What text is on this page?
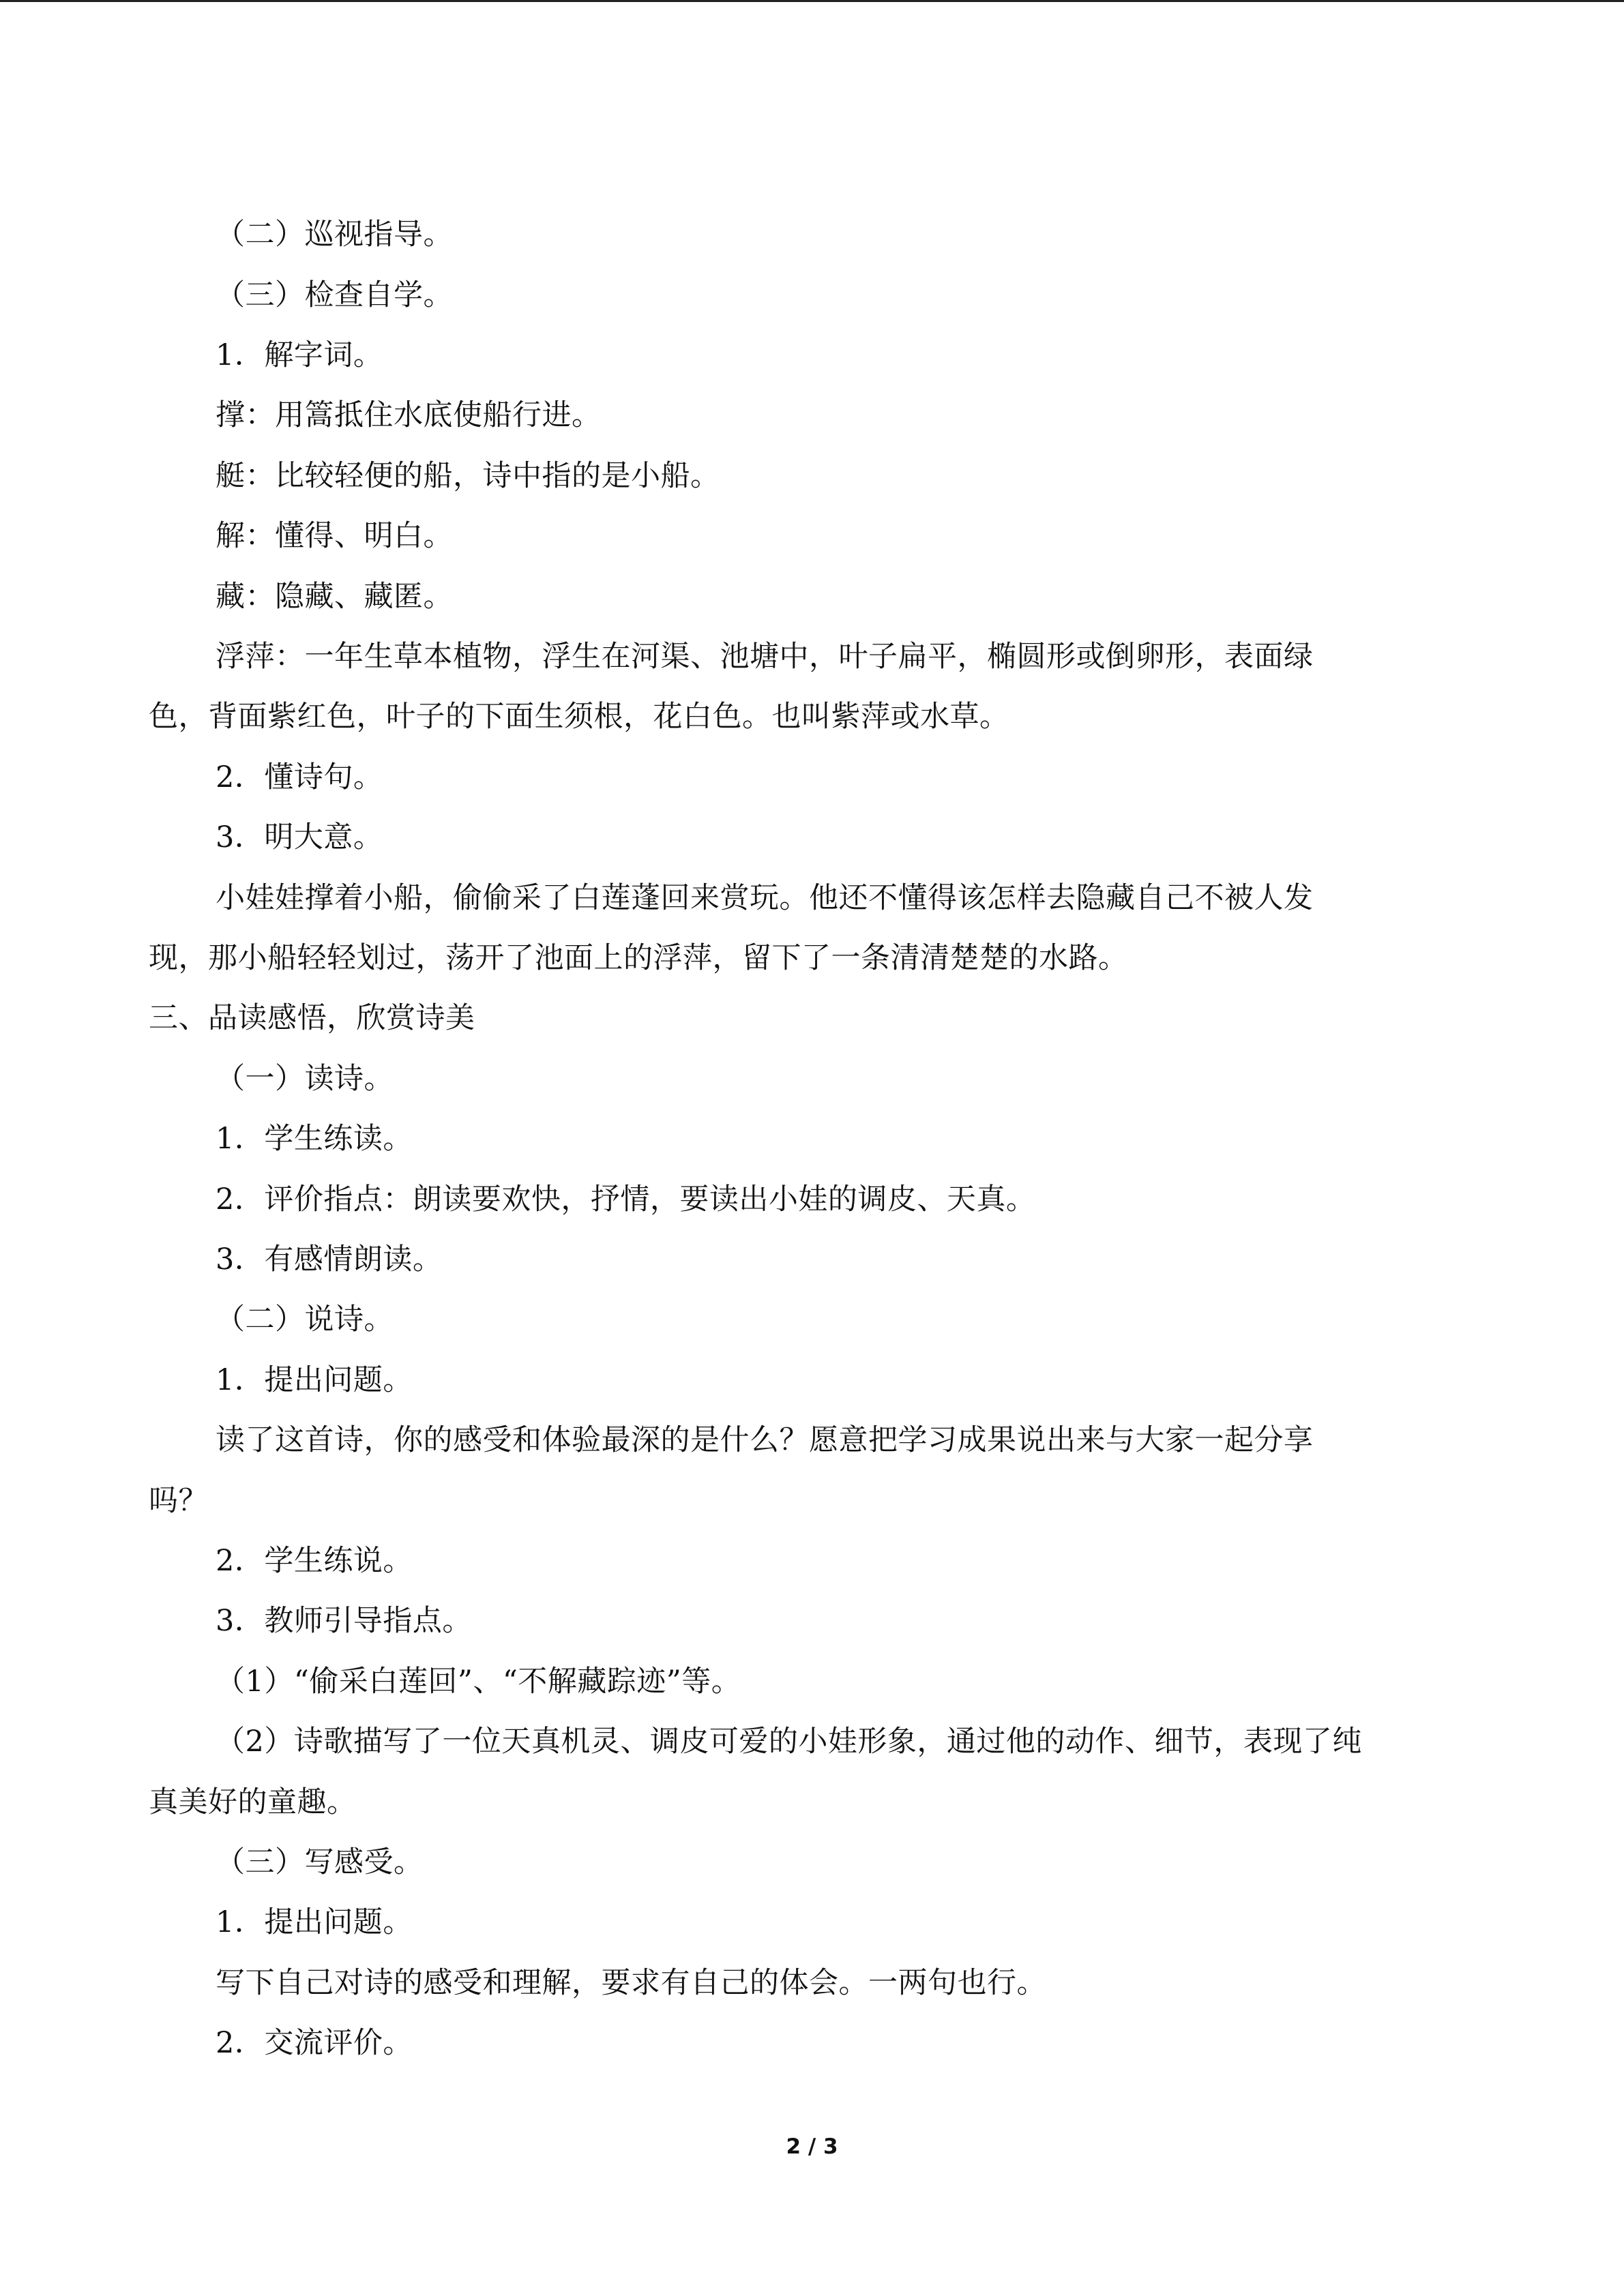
（二）巡视指导。
（三）检查自学。
1．解字词。
撑：用篙抵住水底使船行进。
艇：比较轻便的船，诗中指的是小船。
解：懂得、明白。
藏：隐藏、藏匿。
浮萍：一年生草本植物，浮生在河渠、池塘中，叶子扁平，椭圆形或倒卵形，表面绿
色，背面紫红色，叶子的下面生须根，花白色。也叫紫萍或水草。
2．懂诗句。
3．明大意。
小娃娃撑着小船，偷偷采了白莲蓬回来赏玩。他还不懂得该怎样去隐藏自己不被人发
现，那小船轻轻划过，荡开了池面上的浮萍，留下了一条清清楚楚的水路。
三、品读感悟，欣赏诗美
（一）读诗。
1．学生练读。
2．评价指点：朗读要欢快，抒情，要读出小娃的调皮、天真。
3．有感情朗读。
（二）说诗。
1．提出问题。
读了这首诗，你的感受和体验最深的是什么？愿意把学习成果说出来与大家一起分享
吗？
2．学生练说。
3．教师引导指点。
（1）“偷采白莲回”、“不解藏踪迹”等。
（2）诗歌描写了一位天真机灵、调皮可爱的小娃形象，通过他的动作、细节，表现了纯
真美好的童趣。
（三）写感受。
1．提出问题。
写下自己对诗的感受和理解，要求有自己的体会。一两句也行。
2．交流评价。
2 / 3
